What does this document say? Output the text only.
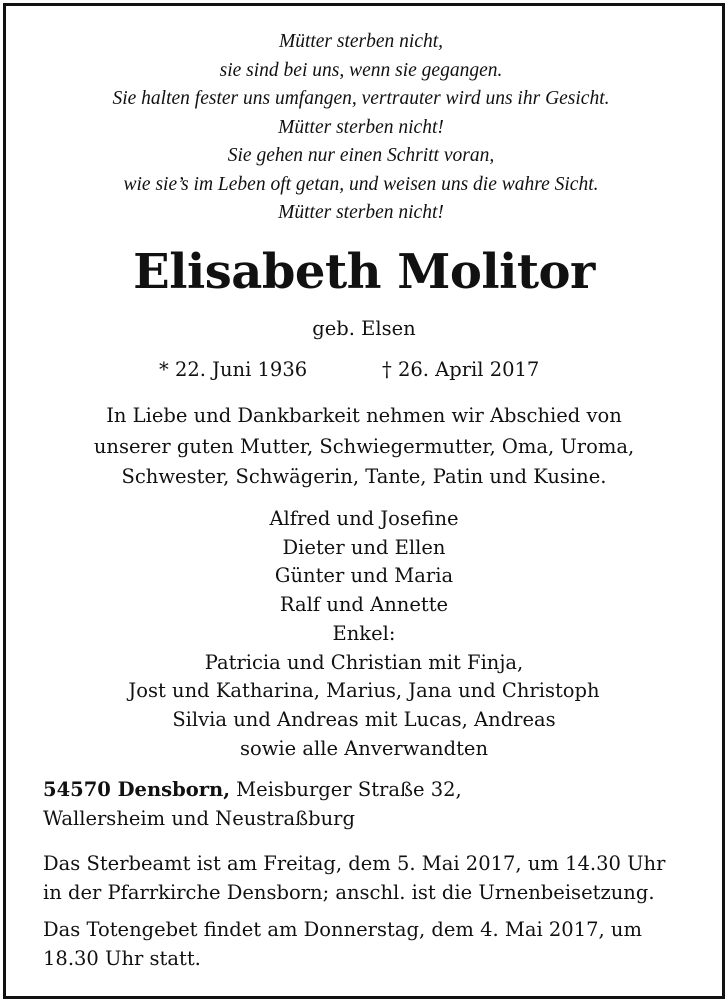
Mütter sterben nicht,
sie sind bei uns, wenn sie gegangen.
Sie halten fester uns umfangen, vertrauter wird uns ihr Gesicht.
Mütter sterben nicht!
Sie gehen nur einen Schritt voran,
wie sie’s im Leben oft getan, und weisen uns die wahre Sicht.
Mütter sterben nicht!
Elisabeth Molitor
geb. Elsen
* 22. Juni 1936	† 26. April 2017
In Liebe und Dankbarkeit nehmen wir Abschied von
unserer guten Mutter, Schwiegermutter, Oma, Uroma,
Schwester, Schwägerin, Tante, Patin und Kusine.
Alfred und Josefine
Dieter und Ellen
Günter und Maria
Ralf und Annette
Enkel:
Patricia und Christian mit Finja,
Jost und Katharina, Marius, Jana und Christoph
Silvia und Andreas mit Lucas, Andreas
sowie alle Anverwandten
54570 Densborn, Meisburger Straße 32,
Wallersheim und Neustraßburg
Das Sterbeamt ist am Freitag, dem 5. Mai 2017, um 14.30 Uhr
in der Pfarrkirche Densborn; anschl. ist die Urnenbeisetzung.
Das Totengebet findet am Donnerstag, dem 4. Mai 2017, um
18.30 Uhr statt.
